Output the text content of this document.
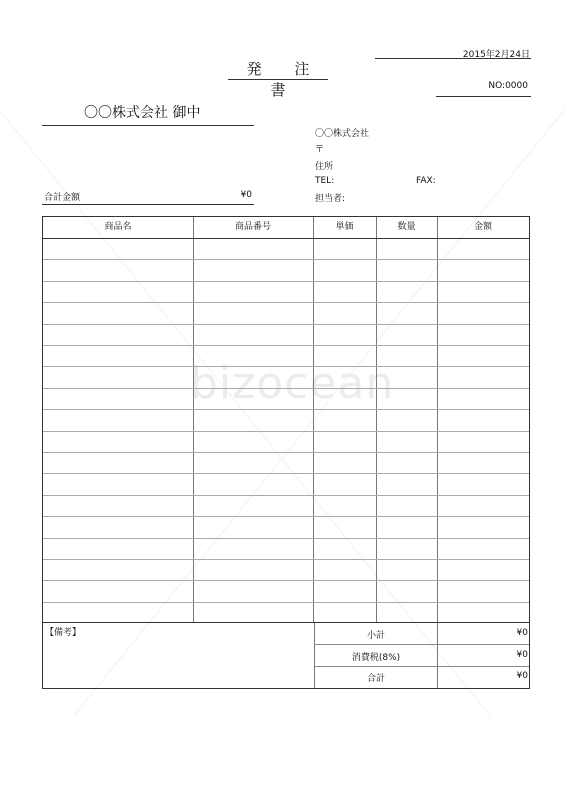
bizocean
2015年2月24日
発 注 書	NO:0000
〇〇株式会社 御中
〇〇株式会社
〒
住所
TEL:	FAX:
担当者:
合計金額	¥0
商品名	商品番号	単価	数量	金額
【備考】	小計	¥0
消費税(8%)	¥0
合計	¥0
